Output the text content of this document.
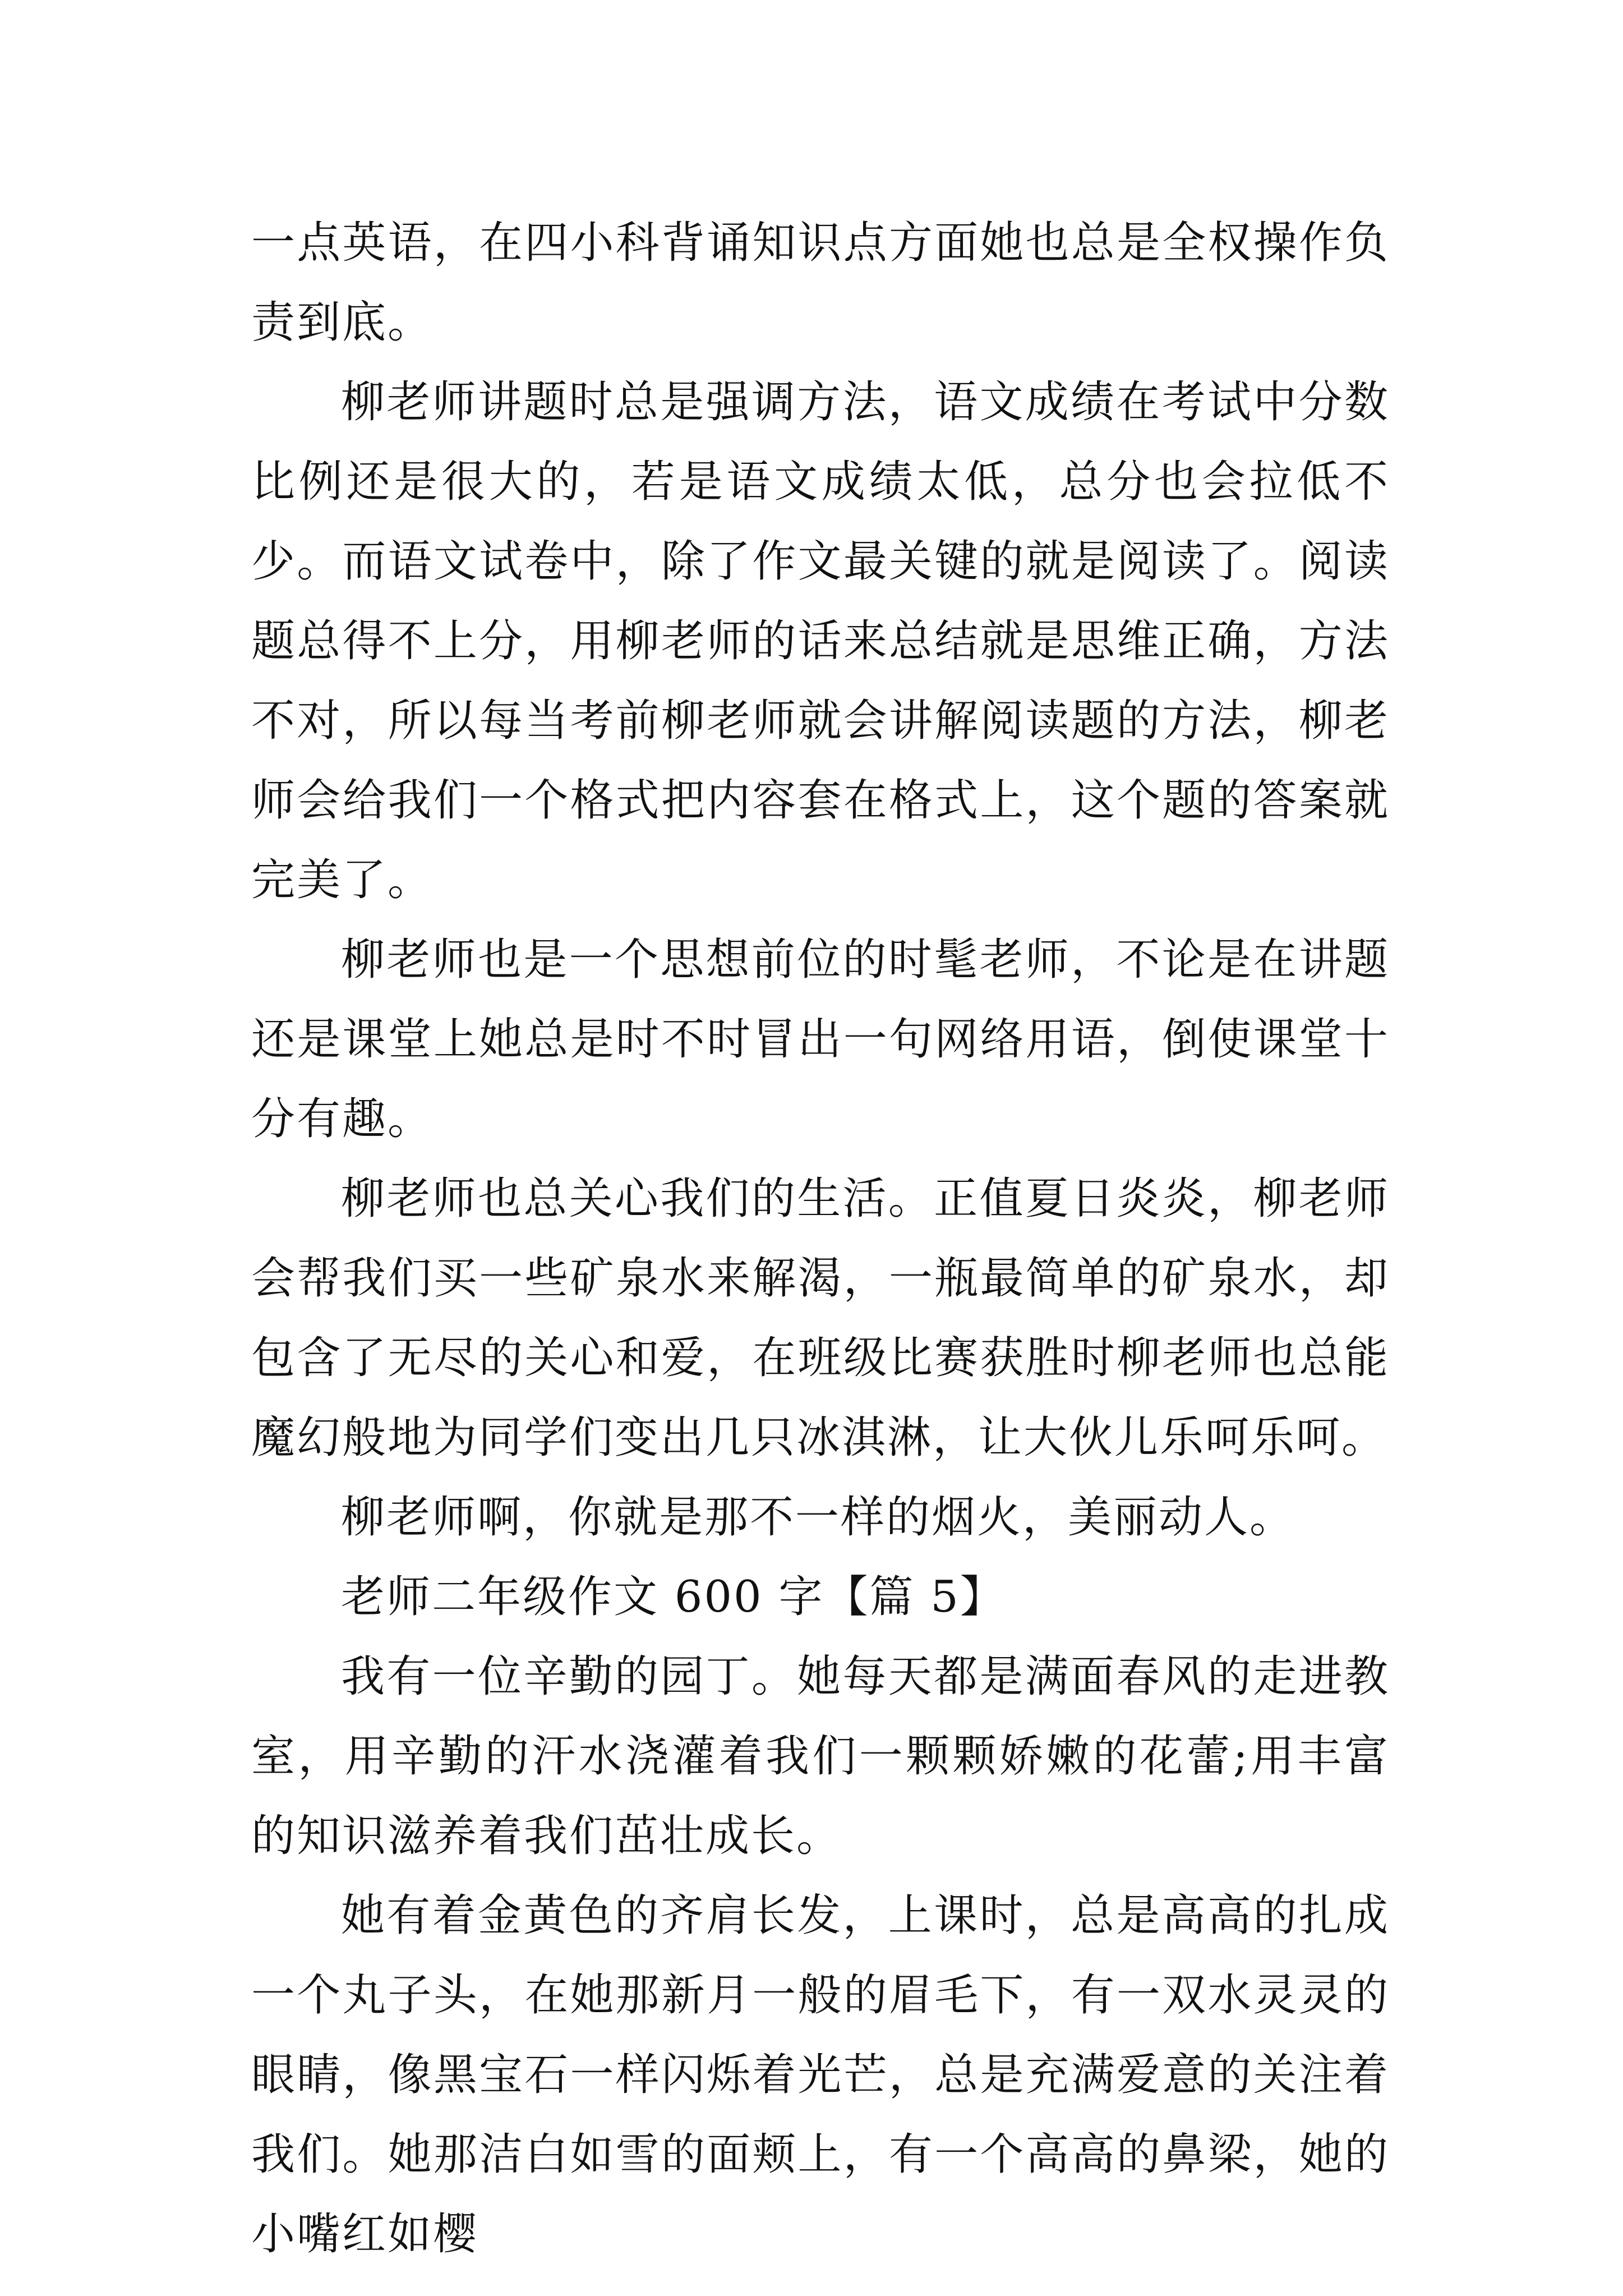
一点英语，在四小科背诵知识点方面她也总是全权操作负责到底。

柳老师讲题时总是强调方法，语文成绩在考试中分数比例还是很大的，若是语文成绩太低，总分也会拉低不少。而语文试卷中，除了作文最关键的就是阅读了。阅读题总得不上分，用柳老师的话来总结就是思维正确，方法不对，所以每当考前柳老师就会讲解阅读题的方法，柳老师会给我们一个格式把内容套在格式上，这个题的答案就完美了。

柳老师也是一个思想前位的时髦老师，不论是在讲题还是课堂上她总是时不时冒出一句网络用语，倒使课堂十分有趣。

柳老师也总关心我们的生活。正值夏日炎炎，柳老师会帮我们买一些矿泉水来解渴，一瓶最简单的矿泉水，却包含了无尽的关心和爱，在班级比赛获胜时柳老师也总能魔幻般地为同学们变出几只冰淇淋，让大伙儿乐呵乐呵。

柳老师啊，你就是那不一样的烟火，美丽动人。

老师二年级作文 600 字【篇 5】

我有一位辛勤的园丁。她每天都是满面春风的走进教室，用辛勤的汗水浇灌着我们一颗颗娇嫩的花蕾;用丰富的知识滋养着我们茁壮成长。

她有着金黄色的齐肩长发，上课时，总是高高的扎成一个丸子头，在她那新月一般的眉毛下，有一双水灵灵的眼睛，像黑宝石一样闪烁着光芒，总是充满爱意的关注着我们。她那洁白如雪的面颊上，有一个高高的鼻梁，她的小嘴红如樱
